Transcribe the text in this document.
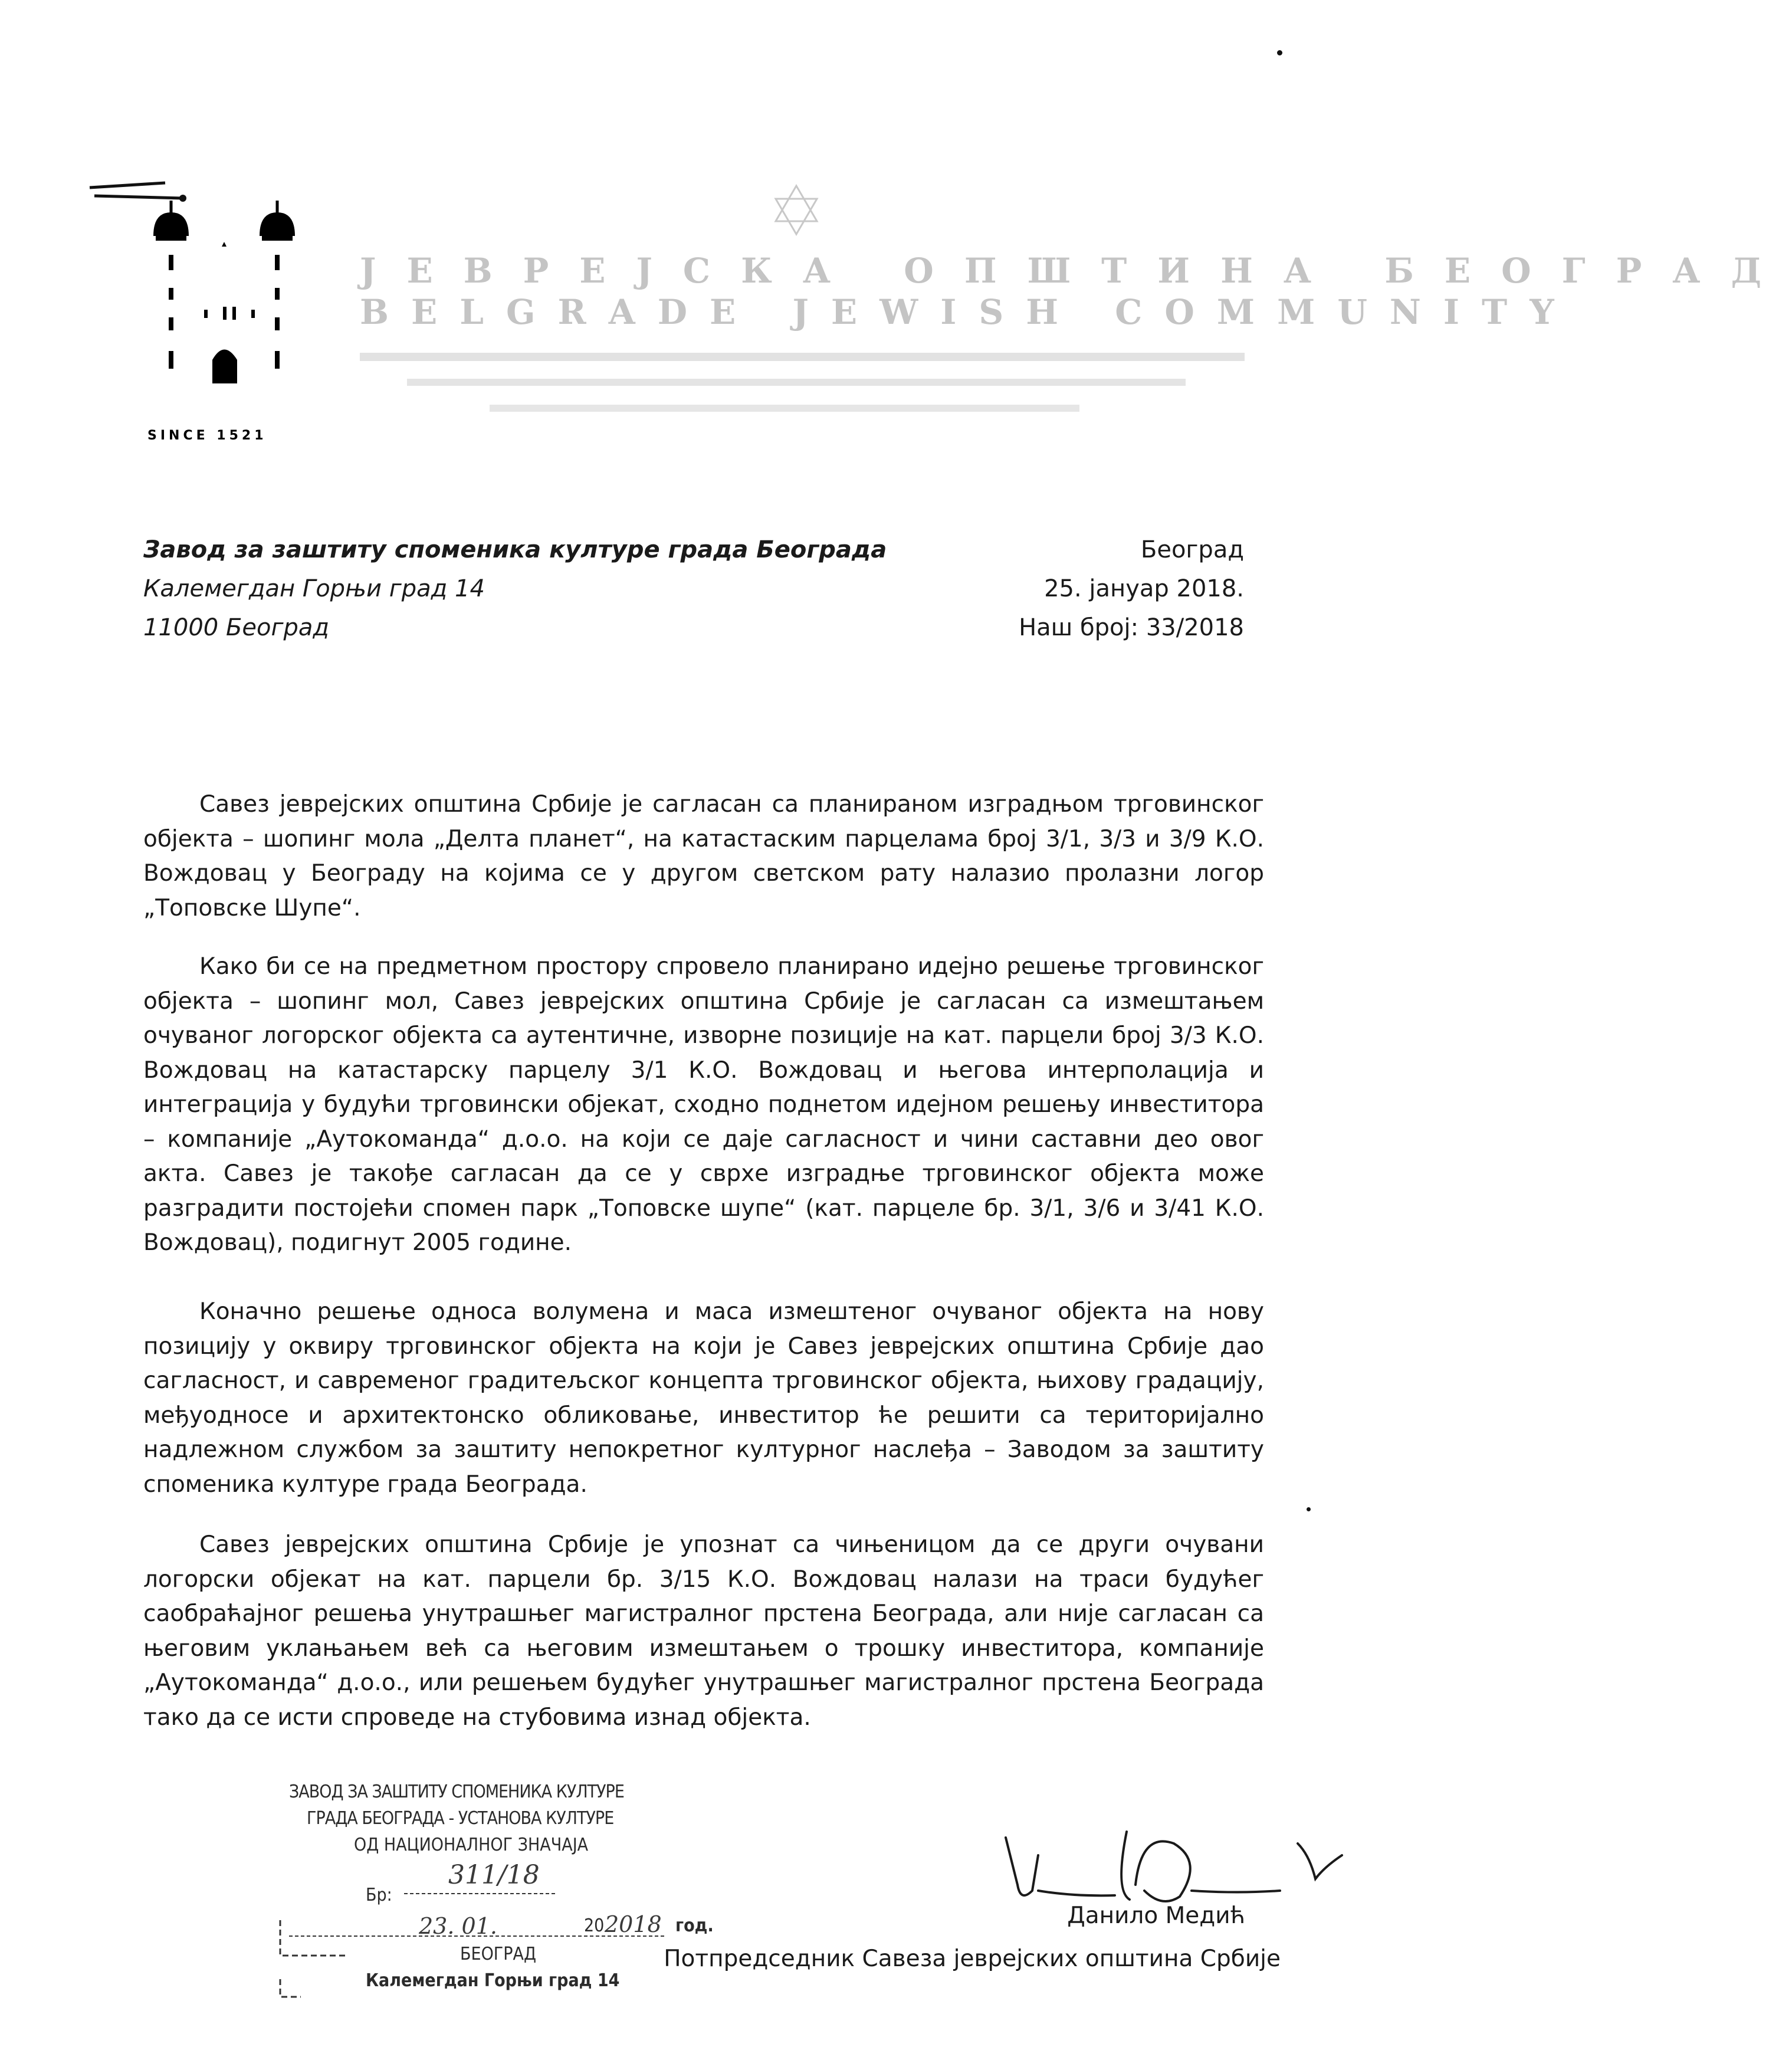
SINCE 1521
ЈЕВРЕЈСКА ОПШТИНА БЕОГРАД
BELGRADE JEWISH COMMUNITY
Завод за заштиту споменика културе града Београда
Калемегдан Горњи град 14
11000 Београд
Београд
25. јануар 2018.
Наш број: 33/2018

Савез јеврејских општина Србије је сагласан са планираном изградњом трговинског објекта – шопинг мола „Делта планет“, на катастаским парцелама број 3/1, 3/3 и 3/9 К.О. Вождовац у Београду на којима се у другом светском рату налазио пролазни логор „Топовске Шупе“.

Како би се на предметном простору спровело планирано идејно решење трговинског објекта – шопинг мол, Савез јеврејских општина Србије је сагласан са измештањем очуваног логорског објекта са аутентичне, изворне позиције на кат. парцели број 3/3 К.О. Вождовац на катастарску парцелу 3/1 К.О. Вождовац и његова интерполација и интеграција у будући трговински објекат, сходно поднетом идејном решењу инвеститора – компаније „Аутокоманда“ д.о.о. на који се даје сагласност и чини саставни део овог акта. Савез је такође сагласан да се у сврхе изградње трговинског објекта може разградити постојећи спомен парк „Топовске шупе“ (кат. парцеле бр. 3/1, 3/6 и 3/41 К.О. Вождовац), подигнут 2005 године.

Коначно решење односа волумена и маса измештеног очуваног објекта на нову позицију у оквиру трговинског објекта на који је Савез јеврејских општина Србије дао сагласност, и савременог градитељског концепта трговинског објекта, њихову градацију, међуодносе и архитектонско обликовање, инвеститор ће решити са територијално надлежном службом за заштиту непокретног културног наслеђа – Заводом за заштиту споменика културе града Београда.

Савез јеврејских општина Србије је упознат са чињеницом да се други очувани логорски објекат на кат. парцели бр. 3/15 К.О. Вождовац налази на траси будућег саобраћајног решења унутрашњег магистралног прстена Београда, али није сагласан са његовим уклањањем већ са његовим измештањем о трошку инвеститора, компаније „Аутокоманда“ д.о.о., или решењем будућег унутрашњег магистралног прстена Београда тако да се исти спроведе на стубовима изнад објекта.

ЗАВОД ЗА ЗАШТИТУ СПОМЕНИКА КУЛТУРЕ
ГРАДА БЕОГРАДА - УСТАНОВА КУЛТУРЕ
ОД НАЦИОНАЛНОГ ЗНАЧАЈА
Бр:
311/18
23. 01.	20 2018 год.
БЕОГРАД
Калемегдан Горњи град 14
Данило Медић
Потпредседник Савеза јеврејских општина Србије
